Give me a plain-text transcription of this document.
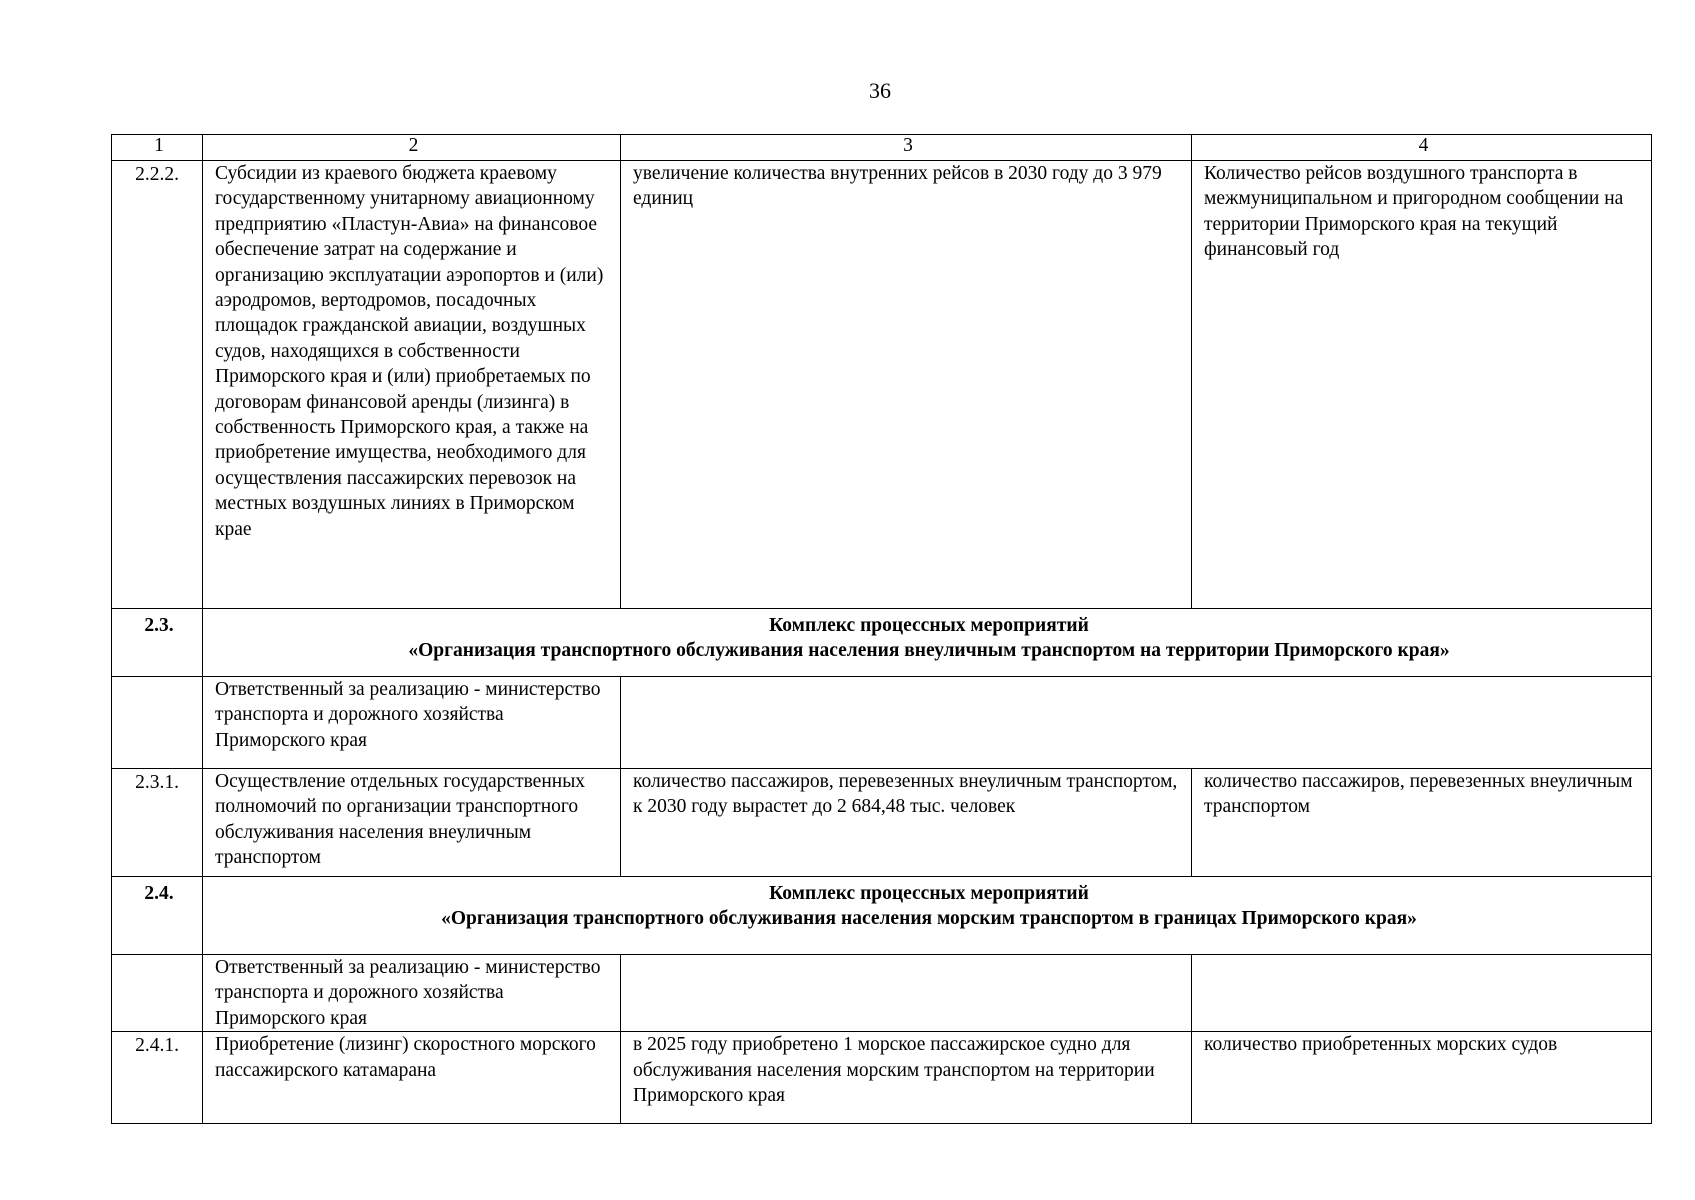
36
1	2	3	4
2.2.2.	Субсидии из краевого бюджета краевому государственному унитарному авиационному предприятию «Пластун-Авиа» на финансовое обеспечение затрат на содержание и организацию эксплуатации аэропортов и (или) аэродромов, вертодромов, посадочных площадок гражданской авиации, воздушных судов, находящихся в собственности Приморского края и (или) приобретаемых по договорам финансовой аренды (лизинга) в собственность Приморского края, а также на приобретение имущества, необходимого для осуществления пассажирских перевозок на местных воздушных линиях в Приморском крае	увеличение количества внутренних рейсов в 2030 году до 3 979 единиц	Количество рейсов воздушного транспорта в межмуниципальном и пригородном сообщении на территории Приморского края на текущий финансовый год
2.3.	Комплекс процессных мероприятий
«Организация транспортного обслуживания населения внеуличным транспортом на территории Приморского края»		

	Ответственный за реализацию - министерство транспорта и дорожного хозяйства Приморского края		
2.3.1.	Осуществление отдельных государственных полномочий по организации транспортного обслуживания населения внеуличным транспортом	количество пассажиров, перевезенных внеуличным транспортом, к 2030 году вырастет до 2 684,48 тыс. человек	количество пассажиров, перевезенных внеуличным транспортом
2.4.	Комплекс процессных мероприятий
«Организация транспортного обслуживания населения морским транспортом в границах Приморского края»		

	Ответственный за реализацию - министерство транспорта и дорожного хозяйства Приморского края		
2.4.1.	Приобретение (лизинг) скоростного морского пассажирского катамарана	в 2025 году приобретено 1 морское пассажирское судно для обслуживания населения морским транспортом на территории Приморского края	количество приобретенных морских судов
